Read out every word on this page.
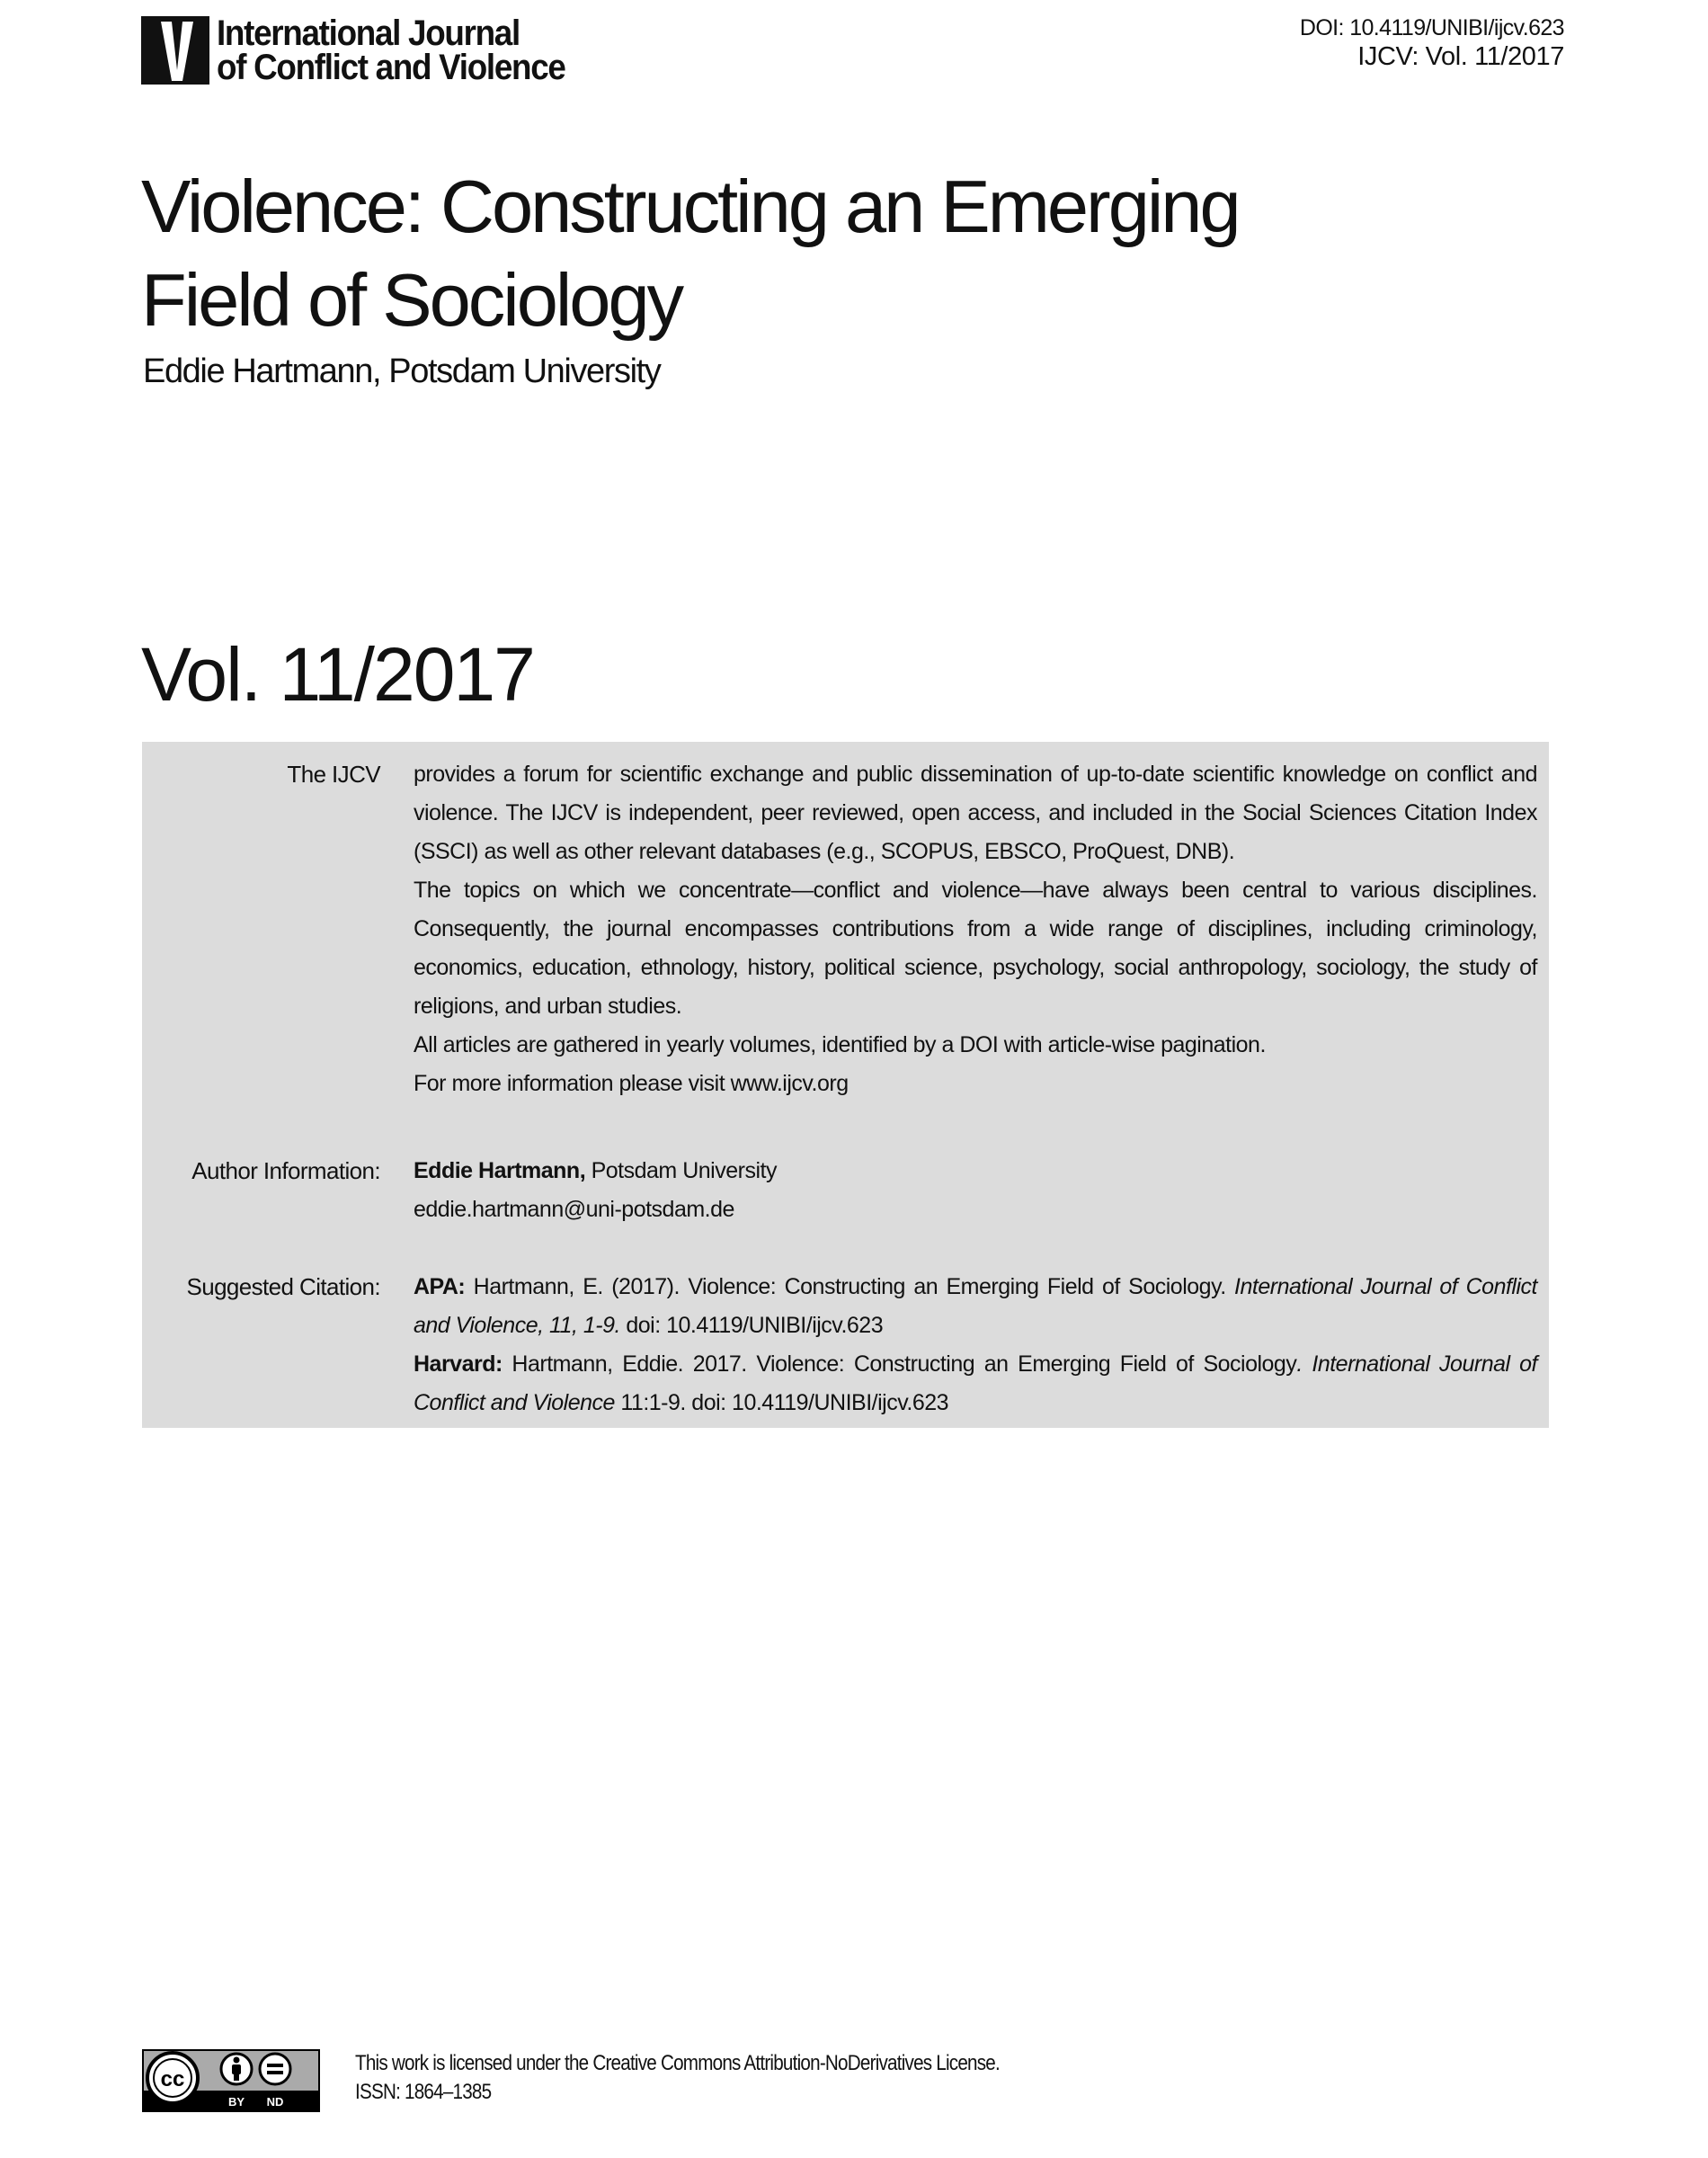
International Journal
of Conflict and Violence
DOI: 10.4119/UNIBI/ijcv.623
IJCV: Vol. 11/2017
Violence: Constructing an Emerging Field of Sociology
Eddie Hartmann, Potsdam University
Vol. 11/2017
The IJCV provides a forum for scientific exchange and public dissemination of up-to-date scientific knowledge on conflict and violence. The IJCV is independent, peer reviewed, open access, and included in the Social Sciences Citation Index (SSCI) as well as other relevant databases (e.g., SCOPUS, EBSCO, ProQuest, DNB).

The topics on which we concentrate—conflict and violence—have always been central to various disciplines. Consequently, the journal encompasses contributions from a wide range of disciplines, including criminology, economics, education, ethnology, history, political science, psychology, social anthropology, sociology, the study of religions, and urban studies.

All articles are gathered in yearly volumes, identified by a DOI with article-wise pagination.

For more information please visit www.ijcv.org

Author Information: Eddie Hartmann, Potsdam University

eddie.hartmann@uni-potsdam.de

Suggested Citation: APA: Hartmann, E. (2017). Violence: Constructing an Emerging Field of Sociology. International Journal of Conflict and Violence, 11, 1-9. doi: 10.4119/UNIBI/ijcv.623

Harvard: Hartmann, Eddie. 2017. Violence: Constructing an Emerging Field of Sociology. International Journal of Conflict and Violence 11:1-9. doi: 10.4119/UNIBI/ijcv.623

cc
BY ND
This work is licensed under the Creative Commons Attribution-NoDerivatives License.
ISSN: 1864–1385
